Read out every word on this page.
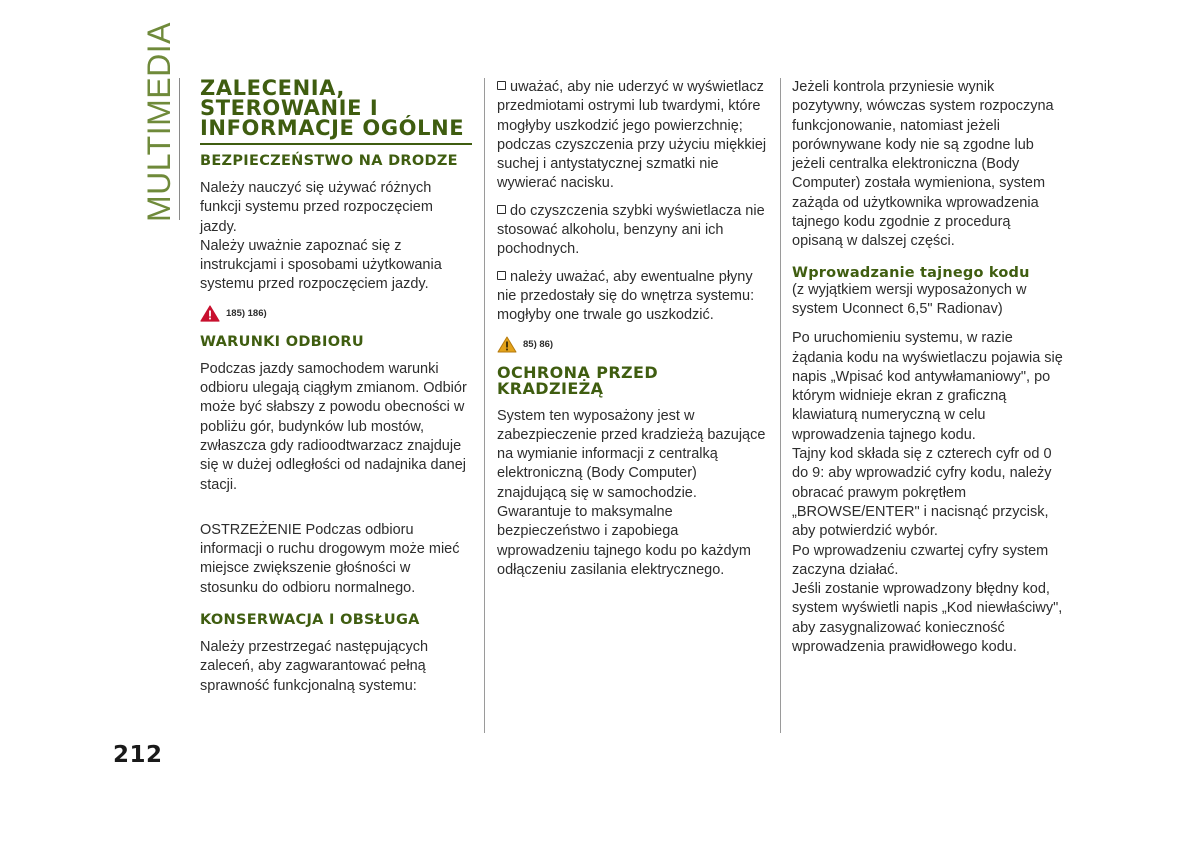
MULTIMEDIA ZALECENIA, STEROWANIE I INFORMACJE OGÓLNE
BEZPIECZEŃSTWO NA DRODZE

Należy nauczyć się używać różnych funkcji systemu przed rozpoczęciem jazdy.

Należy uważnie zapoznać się z instrukcjami i sposobami użytkowania systemu przed rozpoczęciem jazdy.

185) 186)
WARUNKI ODBIORU

Podczas jazdy samochodem warunki odbioru ulegają ciągłym zmianom. Odbiór może być słabszy z powodu obecności w pobliżu gór, budynków lub mostów, zwłaszcza gdy radioodtwarzacz znajduje się w dużej odległości od nadajnika danej stacji.

OSTRZEŻENIE Podczas odbioru informacji o ruchu drogowym może mieć miejsce zwiększenie głośności w stosunku do odbioru normalnego.

KONSERWACJA I OBSŁUGA

Należy przestrzegać następujących zaleceń, aby zagwarantować pełną sprawność funkcjonalną systemu:

uważać, aby nie uderzyć w wyświetlacz przedmiotami ostrymi lub twardymi, które mogłyby uszkodzić jego powierzchnię; podczas czyszczenia przy użyciu miękkiej suchej i antystatycznej szmatki nie wywierać nacisku.

do czyszczenia szybki wyświetlacza nie stosować alkoholu, benzyny ani ich pochodnych.

należy uważać, aby ewentualne płyny nie przedostały się do wnętrza systemu: mogłyby one trwale go uszkodzić.

85) 86)
OCHRONA PRZED KRADZIEŻĄ

System ten wyposażony jest w zabezpieczenie przed kradzieżą bazujące na wymianie informacji z centralką elektroniczną (Body Computer) znajdującą się w samochodzie.

Gwarantuje to maksymalne bezpieczeństwo i zapobiega wprowadzeniu tajnego kodu po każdym odłączeniu zasilania elektrycznego.

Jeżeli kontrola przyniesie wynik pozytywny, wówczas system rozpoczyna funkcjonowanie, natomiast jeżeli porównywane kody nie są zgodne lub jeżeli centralka elektroniczna (Body Computer) została wymieniona, system zażąda od użytkownika wprowadzenia tajnego kodu zgodnie z procedurą opisaną w dalszej części.

Wprowadzanie tajnego kodu

(z wyjątkiem wersji wyposażonych w system Uconnect 6,5" Radionav)

Po uruchomieniu systemu, w razie żądania kodu na wyświetlaczu pojawia się napis „Wpisać kod antywłamaniowy", po którym widnieje ekran z graficzną klawiaturą numeryczną w celu wprowadzenia tajnego kodu.

Tajny kod składa się z czterech cyfr od 0 do 9: aby wprowadzić cyfry kodu, należy obracać prawym pokrętłem „BROWSE/ENTER" i nacisnąć przycisk, aby potwierdzić wybór.

Po wprowadzeniu czwartej cyfry system zaczyna działać.

Jeśli zostanie wprowadzony błędny kod, system wyświetli napis „Kod niewłaściwy", aby zasygnalizować konieczność wprowadzenia prawidłowego kodu.

212
